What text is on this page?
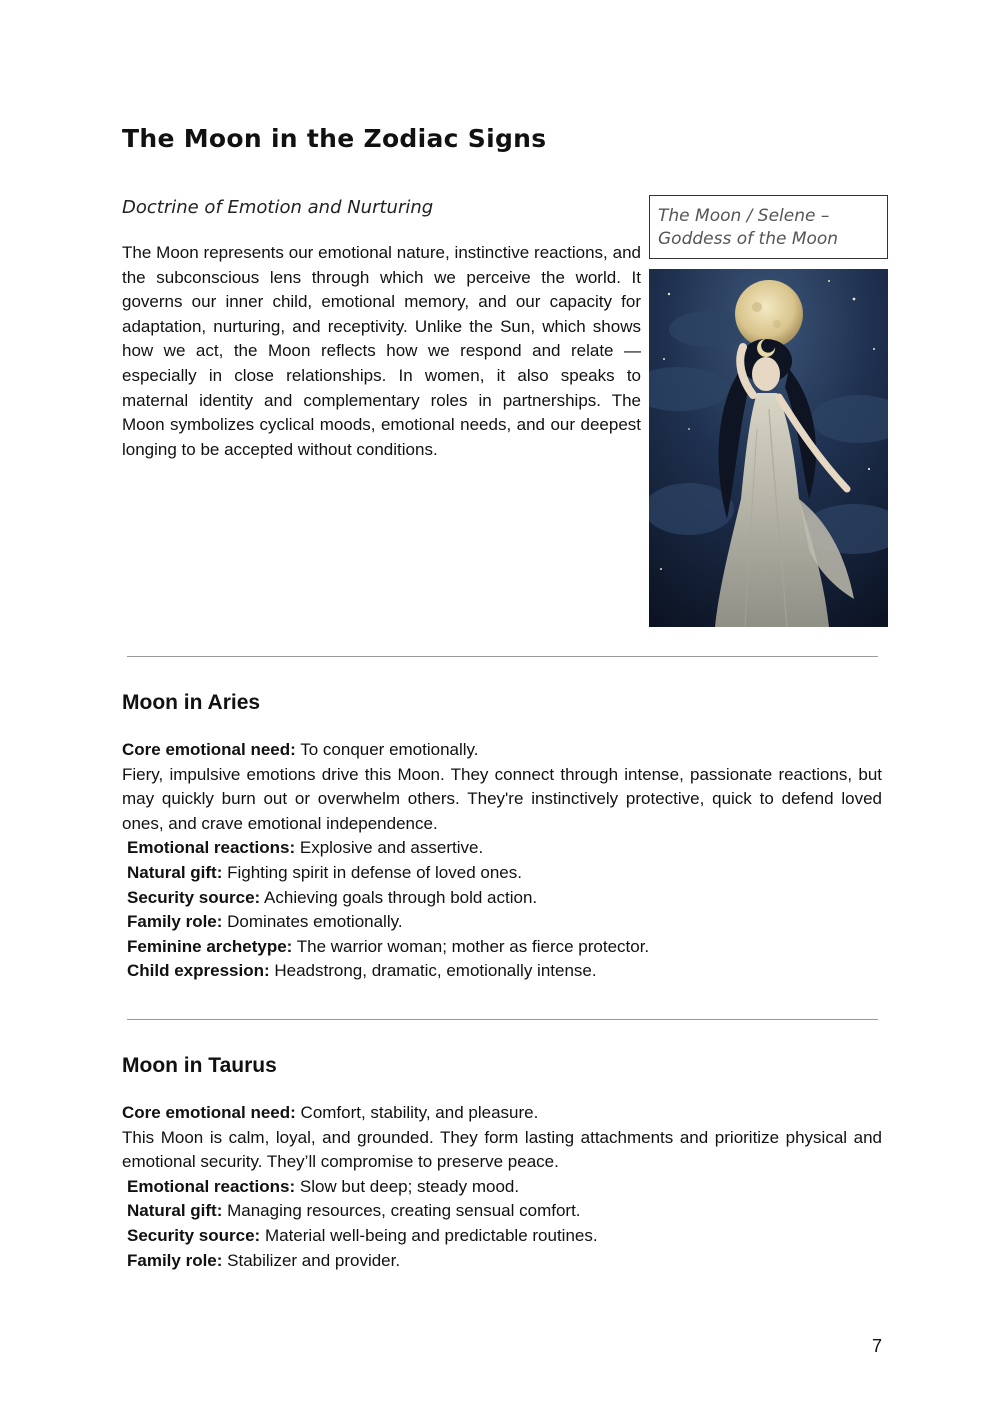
The Moon in the Zodiac Signs
Doctrine of Emotion and Nurturing

The Moon represents our emotional nature, instinctive reactions, and the subconscious lens through which we perceive the world. It governs our inner child, emotional memory, and our capacity for adaptation, nurturing, and receptivity. Unlike the Sun, which shows how we act, the Moon reflects how we respond and relate — especially in close relationships. In women, it also speaks to maternal identity and complementary roles in partnerships. The Moon symbolizes cyclical moods, emotional needs, and our deepest longing to be accepted without conditions.

The Moon / Selene –
Goddess of the Moon
Moon in Aries

Core emotional need: To conquer emotionally.

Fiery, impulsive emotions drive this Moon. They connect through intense, passionate reactions, but may quickly burn out or overwhelm others. They're instinctively protective, quick to defend loved ones, and crave emotional independence.

Emotional reactions: Explosive and assertive.

Natural gift: Fighting spirit in defense of loved ones.

Security source: Achieving goals through bold action.

Family role: Dominates emotionally.

Feminine archetype: The warrior woman; mother as fierce protector.

Child expression: Headstrong, dramatic, emotionally intense.

Moon in Taurus

Core emotional need: Comfort, stability, and pleasure.

This Moon is calm, loyal, and grounded. They form lasting attachments and prioritize physical and emotional security. They’ll compromise to preserve peace.

Emotional reactions: Slow but deep; steady mood.

Natural gift: Managing resources, creating sensual comfort.

Security source: Material well-being and predictable routines.

Family role: Stabilizer and provider.

7
